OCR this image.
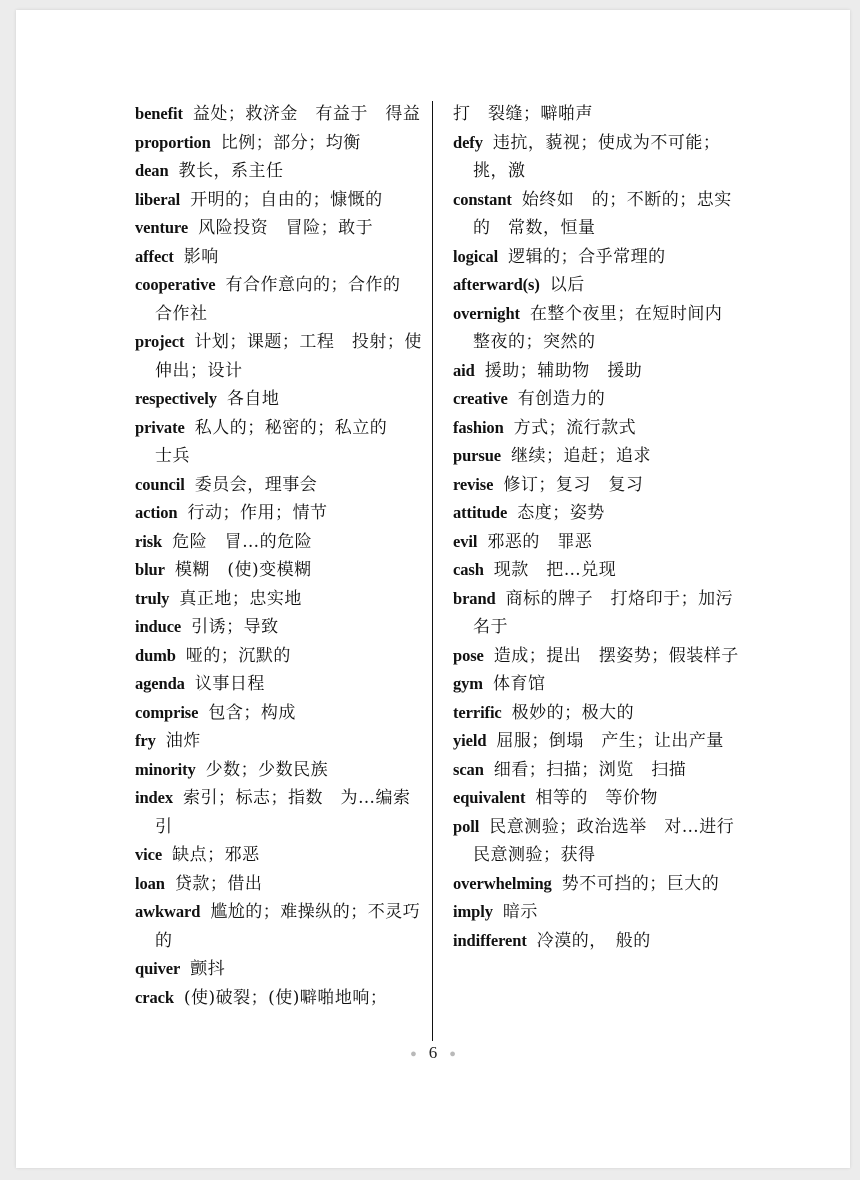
benefit 益处；救济金　有益于　得益
proportion 比例；部分；均衡
dean 教长，系主任
liberal 开明的；自由的；慷慨的
venture 风险投资　冒险；敢于
affect 影响
cooperative 有合作意向的；合作的　合作社
project 计划；课题；工程　投射；使伸出；设计
respectively 各自地
private 私人的；秘密的；私立的　士兵
council 委员会，理事会
action 行动；作用；情节
risk 危险　冒…的危险
blur 模糊　(使)变模糊
truly 真正地；忠实地
induce 引诱；导致
dumb 哑的；沉默的
agenda 议事日程
comprise 包含；构成
fry 油炸
minority 少数；少数民族
index 索引；标志；指数　为…编索引
vice 缺点；邪恶
loan 贷款；借出
awkward 尴尬的；难操纵的；不灵巧的
quiver 颤抖
crack (使)破裂；(使)噼啪地响；
打　裂缝；噼啪声
defy 违抗，藐视；使成为不可能；挑，激
constant 始终如　的；不断的；忠实的　常数，恒量
logical 逻辑的；合乎常理的
afterward(s) 以后
overnight 在整个夜里；在短时间内　整夜的；突然的
aid 援助；辅助物　援助
creative 有创造力的
fashion 方式；流行款式
pursue 继续；追赶；追求
revise 修订；复习　复习
attitude 态度；姿势
evil 邪恶的　罪恶
cash 现款　把…兑现
brand 商标的牌子　打烙印于；加污名于
pose 造成；提出　摆姿势；假装样子
gym 体育馆
terrific 极妙的；极大的
yield 屈服；倒塌　产生；让出产量
scan 细看；扫描；浏览　扫描
equivalent 相等的　等价物
poll 民意测验；政治选举　对…进行民意测验；获得
overwhelming 势不可挡的；巨大的
imply 暗示
indifferent 冷漠的，　般的
● 6 ●
